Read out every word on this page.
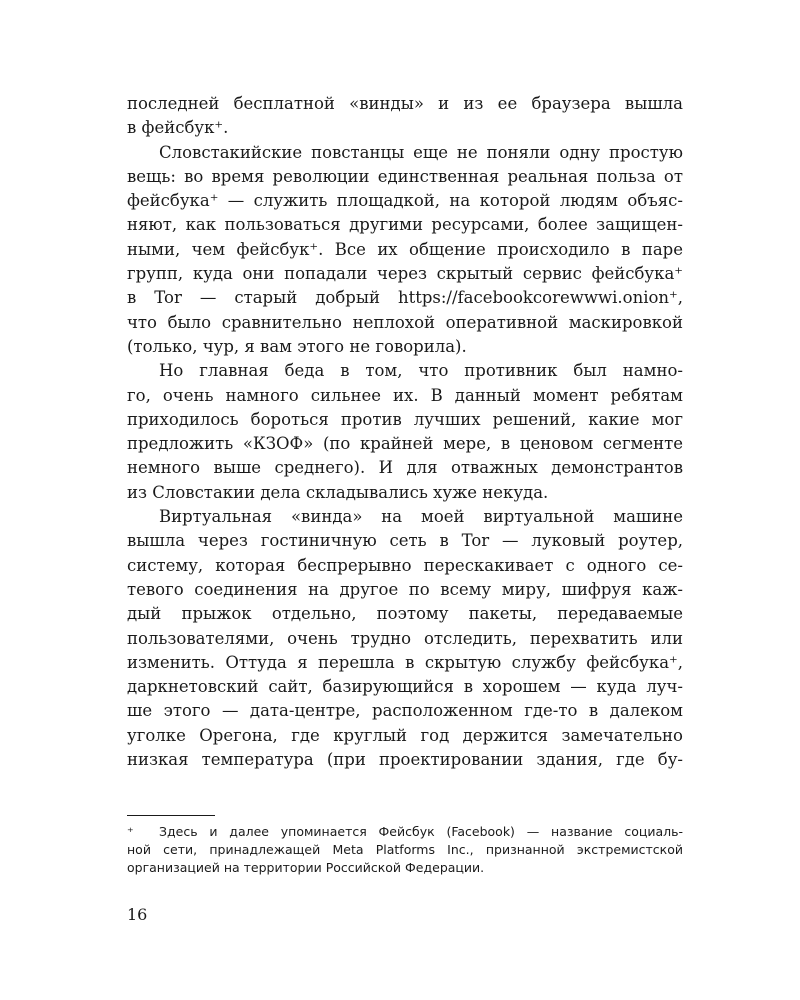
последней бесплатной «винды» и из ее браузера вышла
в фейсбук⁺.
Словстакийские повстанцы еще не поняли одну простую
вещь: во время революции единственная реальная польза от
фейсбука⁺ — служить площадкой, на которой людям объяс-
няют, как пользоваться другими ресурсами, более защищен-
ными, чем фейсбук⁺. Все их общение происходило в паре
групп, куда они попадали через скрытый сервис фейсбука⁺
в Tor — старый добрый https://facebookcorewwwi.onion⁺,
что было сравнительно неплохой оперативной маскировкой
(только, чур, я вам этого не говорила).
Но главная беда в том, что противник был намно-
го, очень намного сильнее их. В данный момент ребятам
приходилось бороться против лучших решений, какие мог
предложить «КЗОФ» (по крайней мере, в ценовом сегменте
немного выше среднего). И для отважных демонстрантов
из Словстакии дела складывались хуже некуда.
Виртуальная «винда» на моей виртуальной машине
вышла через гостиничную сеть в Tor — луковый роутер,
систему, которая беспрерывно перескакивает с одного се-
тевого соединения на другое по всему миру, шифруя каж-
дый прыжок отдельно, поэтому пакеты, передаваемые
пользователями, очень трудно отследить, перехватить или
изменить. Оттуда я перешла в скрытую службу фейсбука⁺,
даркнетовский сайт, базирующийся в хорошем — куда луч-
ше этого — дата-центре, расположенном где-то в далеком
уголке Орегона, где круглый год держится замечательно
низкая температура (при проектировании здания, где бу-
⁺ Здесь и далее упоминается Фейсбук (Facebook) — название социаль-
ной сети, принадлежащей Meta Platforms Inc., признанной экстремистской
организацией на территории Российской Федерации.
16
